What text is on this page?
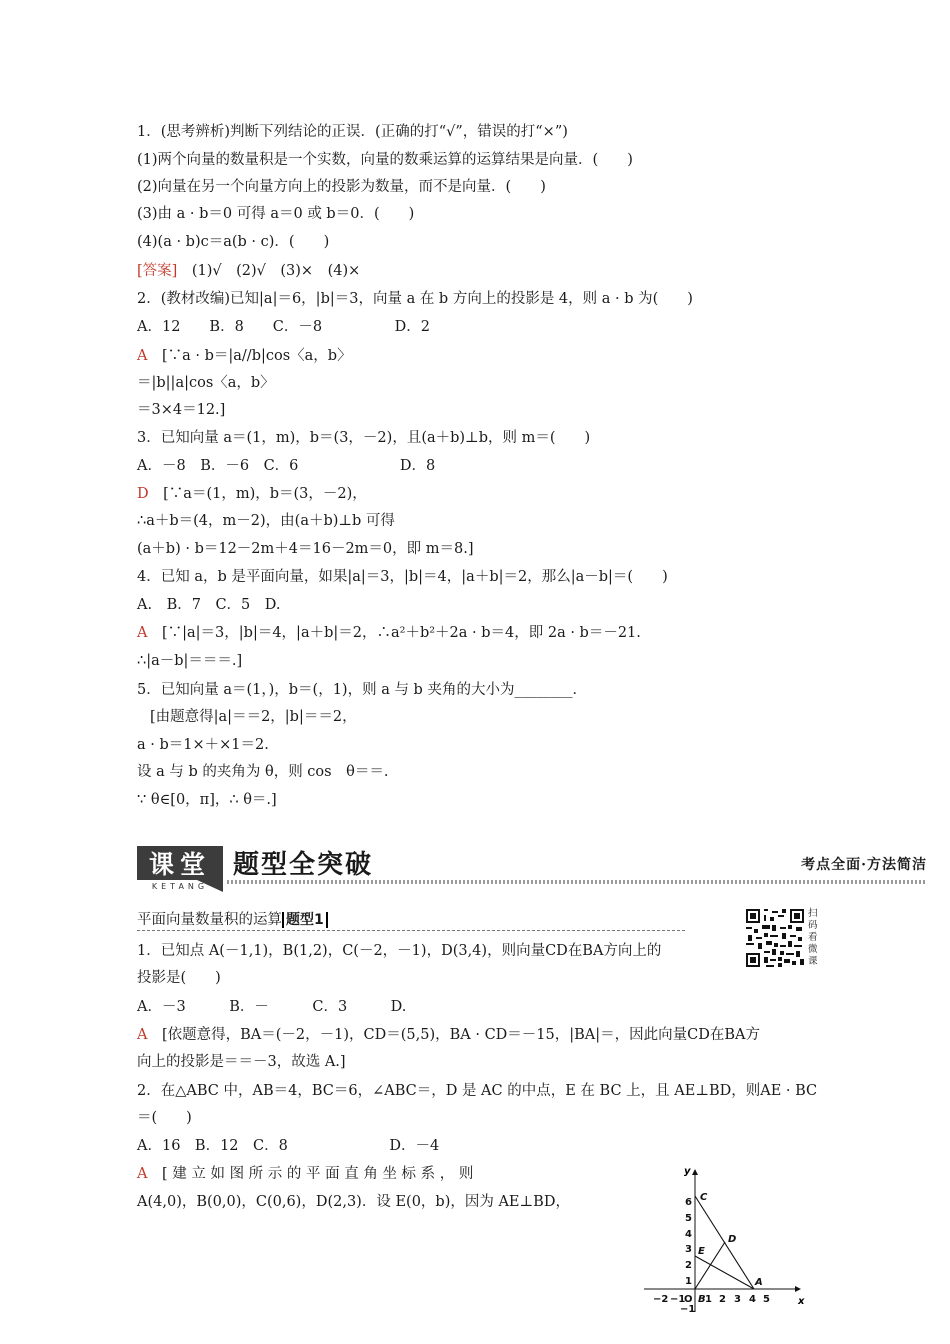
1．(思考辨析)判断下列结论的正误．(正确的打“√”，错误的打“×”)
(1)两个向量的数量积是一个实数，向量的数乘运算的运算结果是向量．(　　)
(2)向量在另一个向量方向上的投影为数量，而不是向量．(　　)
(3)由 a · b＝0 可得 a＝0 或 b＝0．(　　)
(4)(a · b)c＝a(b · c)．(　　)
[答案]　(1)√　(2)√　(3)×　(4)×
2．(教材改编)已知|a|＝6，|b|＝3，向量 a 在 b 方向上的投影是 4，则 a · b 为(　　)
A．12　　B．8　　C．－8　　　　　D．2
A　[∵a · b＝|a//b|cos〈a，b〉
＝|b||a|cos〈a，b〉
＝3×4＝12.]
3．已知向量 a＝(1，m)，b＝(3，－2)，且(a＋b)⊥b，则 m＝(　　)
A．－8　B．－6　C．6　　　　　　　D．8
D　[∵a＝(1，m)，b＝(3，－2)，
∴a＋b＝(4，m－2)，由(a＋b)⊥b 可得
(a＋b) · b＝12－2m＋4＝16－2m＝0，即 m＝8.]
4．已知 a，b 是平面向量，如果|a|＝3，|b|＝4，|a＋b|＝2，那么|a－b|＝(　　)
A.　B．7　C．5　D.
A　[∵|a|＝3，|b|＝4，|a＋b|＝2，∴a²＋b²＋2a · b＝4，即 2a · b＝－21.
∴|a－b|＝＝＝.]
5．已知向量 a＝(1，)，b＝(，1)，则 a 与 b 夹角的大小为________．
[由题意得|a|＝＝2，|b|＝＝2，
a · b＝1×＋×1＝2.
设 a 与 b 的夹角为 θ，则 cos　θ＝＝.
∵ θ∈[0，π]，∴ θ＝.]
课堂
KETANG
题型全突破	考点全面·方法简洁
平面向量数量积的运算 题型1	扫码看微课
1．已知点 A(－1,1)，B(1,2)，C(－2，－1)，D(3,4)，则向量CD在BA方向上的
投影是(　　)
A．－3　　　B．－　　　C．3　　　D.
A　[依题意得，BA＝(－2，－1)，CD＝(5,5)，BA · CD＝－15，|BA|＝，因此向量CD在BA方
向上的投影是＝＝－3，故选 A.]
2．在△ABC 中，AB＝4，BC＝6，∠ABC＝，D 是 AC 的中点，E 在 BC 上，且 AE⊥BD，则AE · BC
＝(　　)
A．16　B．12　C．8　　　　　　　D．－4
A　[ 建 立 如 图 所 示 的 平 面 直 角 坐 标 系 ， 则
A(4,0)，B(0,0)，C(0,6)，D(2,3)．设 E(0，b)，因为 AE⊥BD，
x
y
−2 −1
O B 1 2 3 4 5
1
2
3
4
5
6
−1
C
D
E
A
